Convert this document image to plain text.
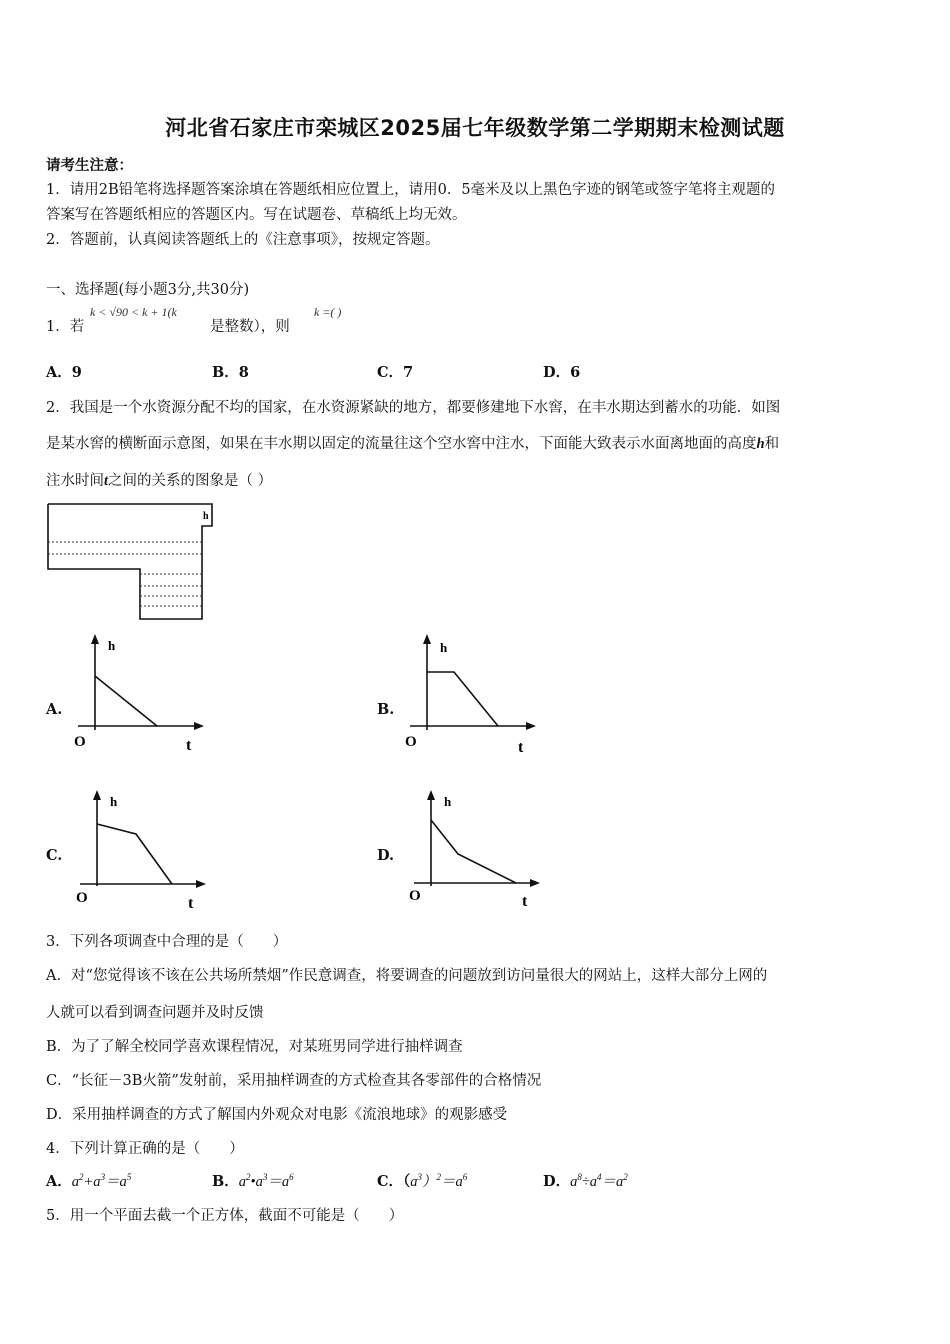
河北省石家庄市栾城区2025届七年级数学第二学期期末检测试题
请考生注意：
1．请用2B铅笔将选择题答案涂填在答题纸相应位置上，请用0．5毫米及以上黑色字迹的钢笔或签字笔将主观题的
答案写在答题纸相应的答题区内。写在试题卷、草稿纸上均无效。
2．答题前，认真阅读答题纸上的《注意事项》，按规定答题。
一、选择题(每小题3分,共30分)
1．若
k < √90 < k + 1(k
是整数），则
k =( )
A．9	B．8	C．7	D．6
2．我国是一个水资源分配不均的国家，在水资源紧缺的地方，都要修建地下水窖，在丰水期达到蓄水的功能．如图
是某水窖的横断面示意图，如果在丰水期以固定的流量往这个空水窖中注水，下面能大致表示水面离地面的高度h和
注水时间t之间的关系的图象是（ ）
h
A.
h
t
O
B.
h
t
O
C.
h
t
O
D.
h
t
O
3．下列各项调查中合理的是（　　）
A．对“您觉得该不该在公共场所禁烟”作民意调查，将要调查的问题放到访问量很大的网站上，这样大部分上网的
人就可以看到调查问题并及时反馈
B．为了了解全校同学喜欢课程情况，对某班男同学进行抽样调查
C．“长征－3B火箭”发射前，采用抽样调查的方式检查其各零部件的合格情况
D．采用抽样调查的方式了解国内外观众对电影《流浪地球》的观影感受
4．下列计算正确的是（　　）
A．$a^2+a^3=a^5$	B．$a^2•a^3=a^6$	C．$(a^3)^2=a^6$	D．$a^8\div a^4=a^2$
5．用一个平面去截一个正方体，截面不可能是（　　）
